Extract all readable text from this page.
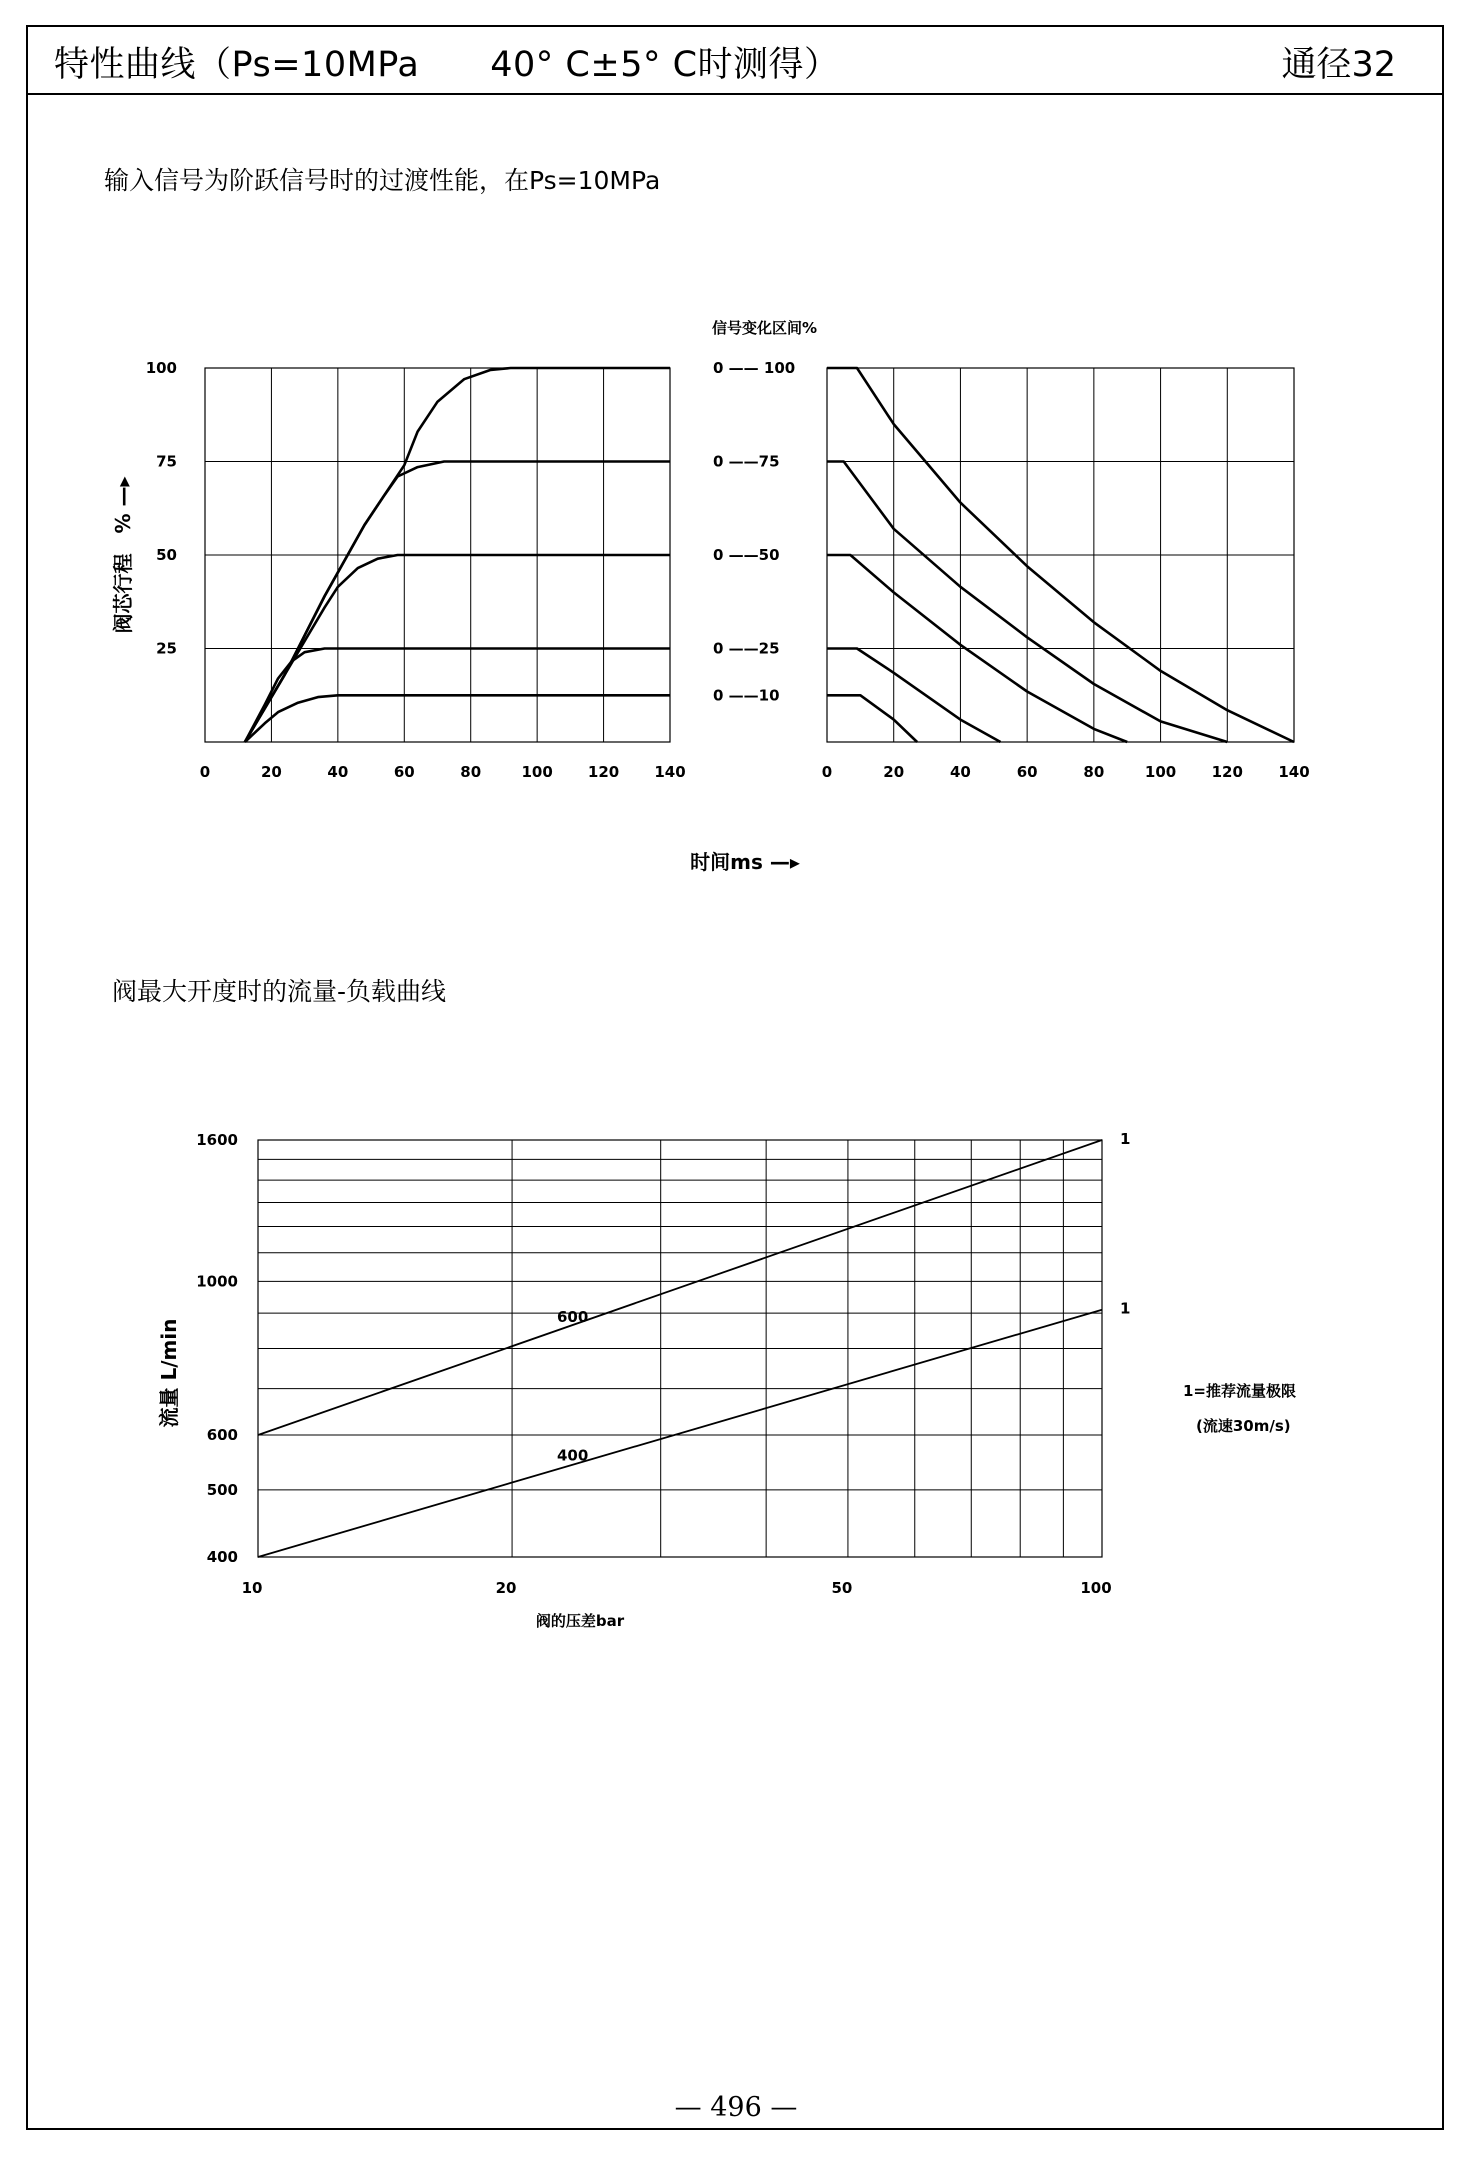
特性曲线（Ps=10MPa　　40° C±5° C时测得）	通径32
输入信号为阶跃信号时的过渡性能，在Ps=10MPa
阀最大开度时的流量-负载曲线
25
50
75
100
0	20	40	60	80	100 120 140
阀芯行程　% —▸
时间ms —▸
0	20	40	60	80	100 120 140
信号变化区间%
0 —— 100
0 ——75
0 ——50
0 ——25
0 ——10
400
500
600
1000
1600
10	20	50	100
600
1
400
1
流量 L/min
阀的压差bar
1=推荐流量极限
(流速30m/s)
— 496 —
